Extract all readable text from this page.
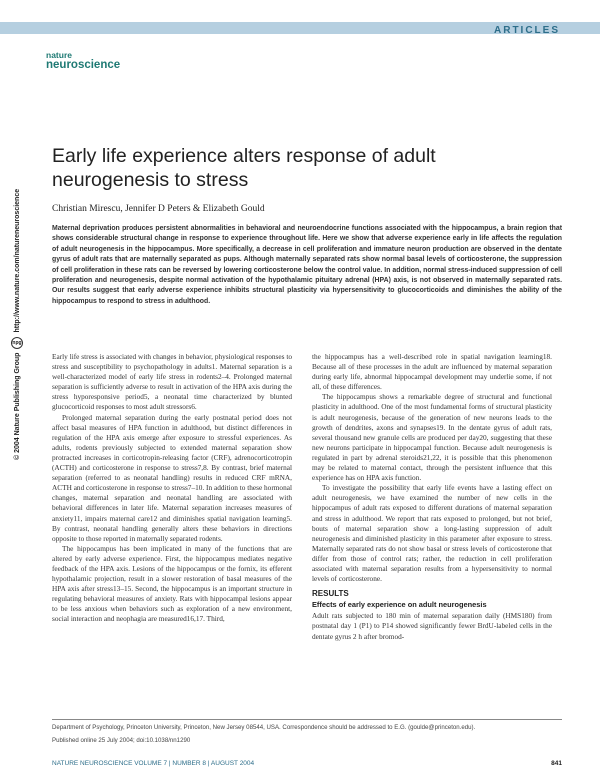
ARTICLES
nature
neuroscience
© 2004 Nature Publishing Group
npg
http://www.nature.com/natureneuroscience
Early life experience alters response of adult neurogenesis to stress
Christian Mirescu, Jennifer D Peters & Elizabeth Gould

Maternal deprivation produces persistent abnormalities in behavioral and neuroendocrine functions associated with the hippocampus, a brain region that shows considerable structural change in response to experience throughout life. Here we show that adverse experience early in life affects the regulation of adult neurogenesis in the hippocampus. More specifically, a decrease in cell proliferation and immature neuron production are observed in the dentate gyrus of adult rats that are maternally separated as pups. Although maternally separated rats show normal basal levels of corticosterone, the suppression of cell proliferation in these rats can be reversed by lowering corticosterone below the control value. In addition, normal stress-induced suppression of cell proliferation and neurogenesis, despite normal activation of the hypothalamic pituitary adrenal (HPA) axis, is not observed in maternally separated rats. Our results suggest that early adverse experience inhibits structural plasticity via hypersensitivity to glucocorticoids and diminishes the ability of the hippocampus to respond to stress in adulthood.

Early life stress is associated with changes in behavior, physiological responses to stress and susceptibility to psychopathology in adults1. Maternal separation is a well-characterized model of early life stress in rodents2–4. Prolonged maternal separation is sufficiently adverse to result in activation of the HPA axis during the stress hyporesponsive period5, a neonatal time characterized by blunted glucocorticoid responses to most adult stressors6.

Prolonged maternal separation during the early postnatal period does not affect basal measures of HPA function in adulthood, but distinct differences in regulation of the HPA axis emerge after exposure to stressful experiences. As adults, rodents previously subjected to extended maternal separation show protracted increases in corticotropin-releasing factor (CRF), adrenocorticotropin (ACTH) and corticosterone in response to stress7,8. By contrast, brief maternal separation (referred to as neonatal handling) results in reduced CRF mRNA, ACTH and corticosterone in response to stress7–10. In addition to these hormonal changes, maternal separation and neonatal handling are associated with behavioral differences in later life. Maternal separation increases measures of anxiety11, impairs maternal care12 and diminishes spatial navigation learning5. By contrast, neonatal handling generally alters these behaviors in directions opposite to those reported in maternally separated rodents.

The hippocampus has been implicated in many of the functions that are altered by early adverse experience. First, the hippocampus mediates negative feedback of the HPA axis. Lesions of the hippocampus or the fornix, its efferent hypothalamic projection, result in a slower restoration of basal measures of the HPA axis after stress13–15. Second, the hippocampus is an important structure in regulating behavioral measures of anxiety. Rats with hippocampal lesions appear to be less anxious when behaviors such as exploration of a new environment, social interaction and neophagia are measured16,17. Third,

the hippocampus has a well-described role in spatial navigation learning18. Because all of these processes in the adult are influenced by maternal separation during early life, abnormal hippocampal development may underlie some, if not all, of these differences.

The hippocampus shows a remarkable degree of structural and functional plasticity in adulthood. One of the most fundamental forms of structural plasticity is adult neurogenesis, because of the generation of new neurons leads to the growth of dendrites, axons and synapses19. In the dentate gyrus of adult rats, several thousand new granule cells are produced per day20, suggesting that these new neurons participate in hippocampal function. Because adult neurogenesis is regulated in part by adrenal steroids21,22, it is possible that this phenomenon may be related to maternal contact, through the persistent influence that this experience has on HPA axis function.

To investigate the possibility that early life events have a lasting effect on adult neurogenesis, we have examined the number of new cells in the hippocampus of adult rats exposed to different durations of maternal separation and stress in adulthood. We report that rats exposed to prolonged, but not brief, bouts of maternal separation show a long-lasting suppression of adult neurogenesis and diminished plasticity in this parameter after exposure to stress. Maternally separated rats do not show basal or stress levels of corticosterone that differ from those of control rats; rather, the reduction in cell proliferation associated with maternal separation results from a hypersensitivity to normal levels of corticosterone.

RESULTS
Effects of early experience on adult neurogenesis

Adult rats subjected to 180 min of maternal separation daily (HMS180) from postnatal day 1 (P1) to P14 showed significantly fewer BrdU-labeled cells in the dentate gyrus 2 h after bromod-

Department of Psychology, Princeton University, Princeton, New Jersey 08544, USA. Correspondence should be addressed to E.G. (goulde@princeton.edu).
Published online 25 July 2004; doi:10.1038/nn1290
NATURE NEUROSCIENCE VOLUME 7 | NUMBER 8 | AUGUST 2004	841
